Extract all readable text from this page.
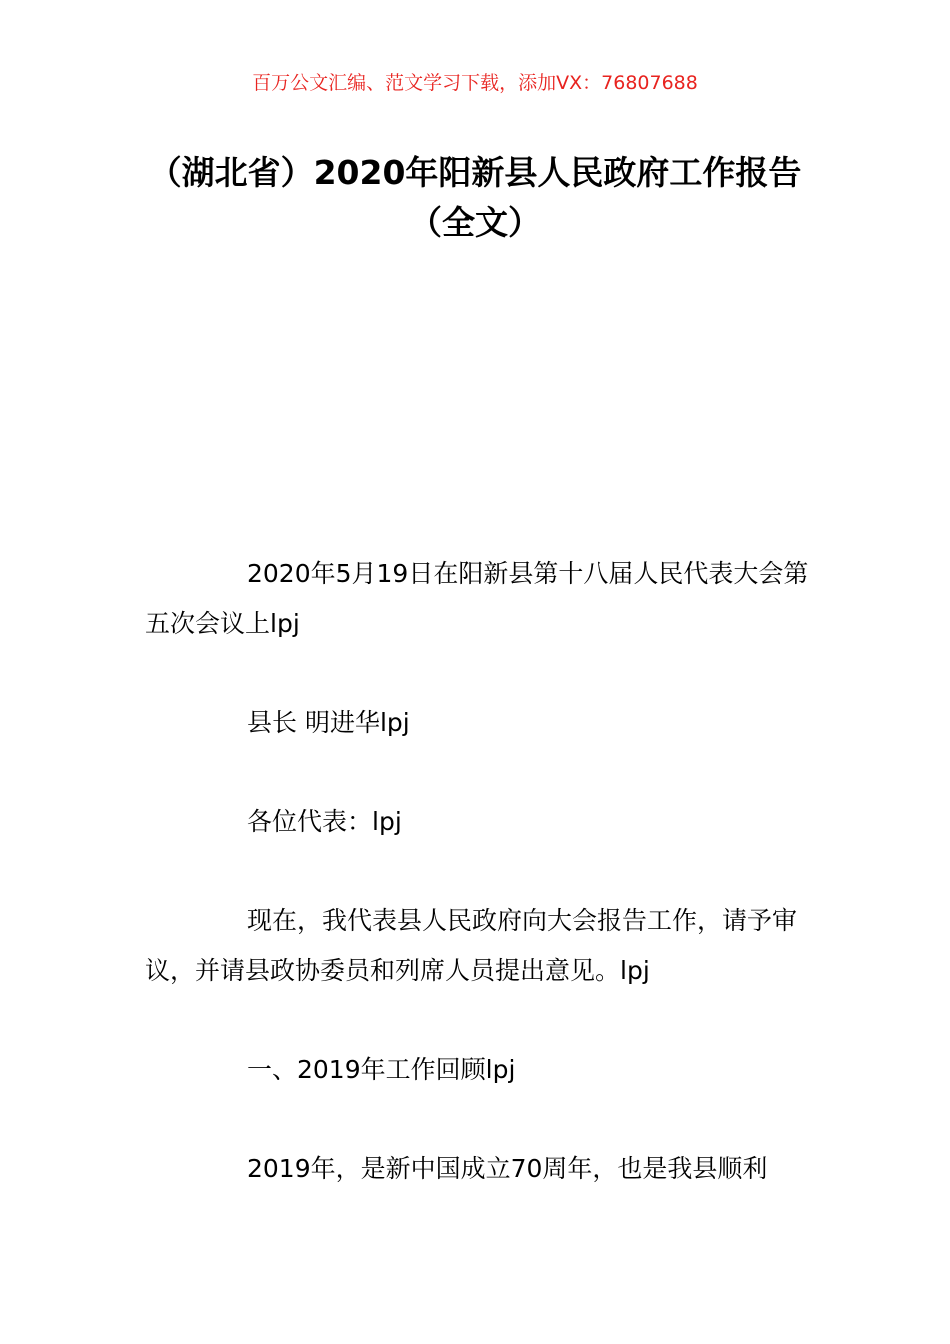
百万公文汇编、范文学习下载，添加VX：76807688
（湖北省）2020年阳新县人民政府工作报告（全文）

2020年5月19日在阳新县第十八届人民代表大会第五次会议上lpj

县长 明进华lpj

各位代表：lpj

现在，我代表县人民政府向大会报告工作，请予审议，并请县政协委员和列席人员提出意见。lpj

一、2019年工作回顾lpj

2019年，是新中国成立70周年，也是我县顺利
